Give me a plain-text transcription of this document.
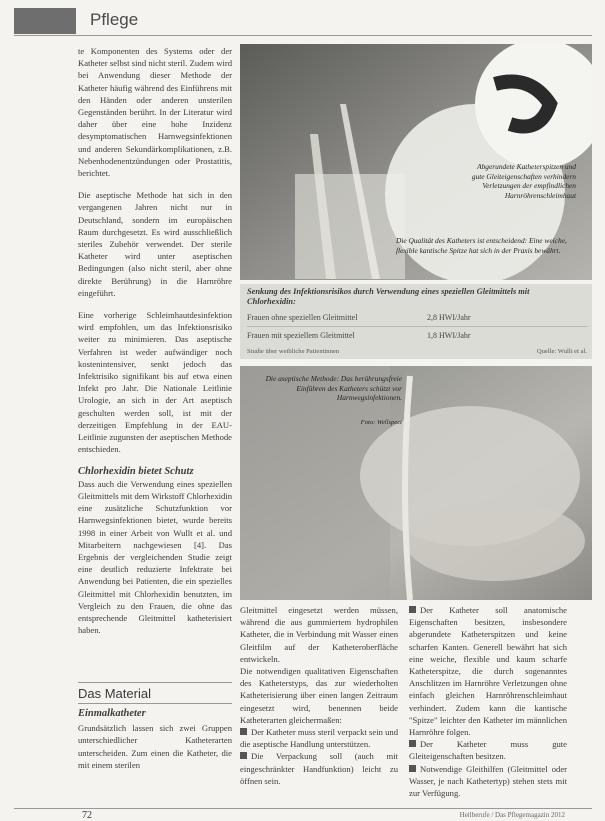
Pflege

te Komponenten des Systems oder der Katheter selbst sind nicht steril. Zudem wird bei Anwendung dieser Methode der Katheter häufig während des Einführens mit den Händen oder anderen unsterilen Gegenständen berührt. In der Literatur wird daher über eine hohe Inzidenz desymptomatischen Harnwegsinfektionen und anderen Sekundärkomplikationen, z.B. Nebenhodenentzündungen oder Prostatitis, berichtet.

Die aseptische Methode hat sich in den vergangenen Jahren nicht nur in Deutschland, sondern im europäischen Raum durchgesetzt. Es wird ausschließlich steriles Zubehör verwendet. Der sterile Katheter wird unter aseptischen Bedingungen (also nicht steril, aber ohne direkte Berührung) in die Harnröhre eingeführt.

Eine vorherige Schleimhautdesinfektion wird empfohlen, um das Infektionsrisiko weiter zu minimieren. Das aseptische Verfahren ist weder aufwändiger noch kostenintensiver, senkt jedoch das Infektrisiko signifikant bis auf etwa einen Infekt pro Jahr. Die Nationale Leitlinie Urologie, an sich in der Art aseptisch geschulten werden soll, ist mit der derzeitigen Empfehlung in der EAU-Leitlinie zugunsten der aseptischen Methode entschieden.

Chlorhexidin bietet Schutz

Dass auch die Verwendung eines speziellen Gleitmittels mit dem Wirkstoff Chlorhexidin eine zusätzliche Schutzfunktion vor Harnwegsinfektionen bietet, wurde bereits 1998 in einer Arbeit von Wullt et al. und Mitarbeitern nachgewiesen [4]. Das Ergebnis der vergleichenden Studie zeigt eine deutlich reduzierte Infektrate bei Anwendung bei Patienten, die ein spezielles Gleitmittel mit Chlorhexidin benutzten, im Vergleich zu den Frauen, die ohne das entsprechende Gleitmittel katheterisiert haben.

Abgerundete Katheterspitzen und gute Gleiteigenschaften verhindern Verletzungen der empfindlichen Harnröhrenschleimhaut
Die Qualität des Katheters ist entscheidend: Eine weiche, flexible kantische Spitze hat sich in der Praxis bewährt.
Senkung des Infektionsrisikos durch Verwendung eines speziellen Gleitmittels mit Chlorhexidin:
Frauen ohne speziellen Gleitmittel	2,8 HWI/Jahr
Frauen mit speziellem Gleitmittel	1,8 HWI/Jahr
Studie über weibliche Patientinnen	Quelle: Wullt et al.
Die aseptische Methode: Das berührungsfreie Einführen des Katheters schützt vor Harnwegsinfektionen.
Foto: Wellspect

Gleitmittel eingesetzt werden müssen, während die aus gummiertem hydrophilen Katheter, die in Verbindung mit Wasser einen Gleitfilm auf der Katheteroberfläche entwickeln.

Die notwendigen qualitativen Eigenschaften des Katheterstyps, das zur wiederholten Katheterisierung über einen langen Zeitraum eingesetzt wird, benennen beide Katheterarten gleichermaßen:

Der Katheter muss steril verpackt sein und die aseptische Handlung unterstützen.

Die Verpackung soll (auch mit eingeschränkter Handfunktion) leicht zu öffnen sein.

Der Katheter soll anatomische Eigenschaften besitzen, insbesondere abgerundete Katheterspitzen und keine scharfen Kanten. Generell bewährt hat sich eine weiche, flexible und kaum scharfe Katheterspitze, die durch sogenanntes Anschlitzen im Harnröhre Verletzungen ohne einfach gleichen Harnröhrenschleimhaut verhindert. Zudem kann die kantische "Spitze" leichter den Katheter im männlichen Harnröhre folgen.

Der Katheter muss gute Gleiteigenschaften besitzen.

Notwendige Gleithilfen (Gleitmittel oder Wasser, je nach Kathetertyp) stehen stets mit zur Verfügung.

Das Material
Einmalkatheter

Grundsätzlich lassen sich zwei Gruppen unterschiedlicher Katheterarten unterscheiden. Zum einen die Katheter, die mit einem sterilen

72	Heilberufe / Das Pflegemagazin 2012
